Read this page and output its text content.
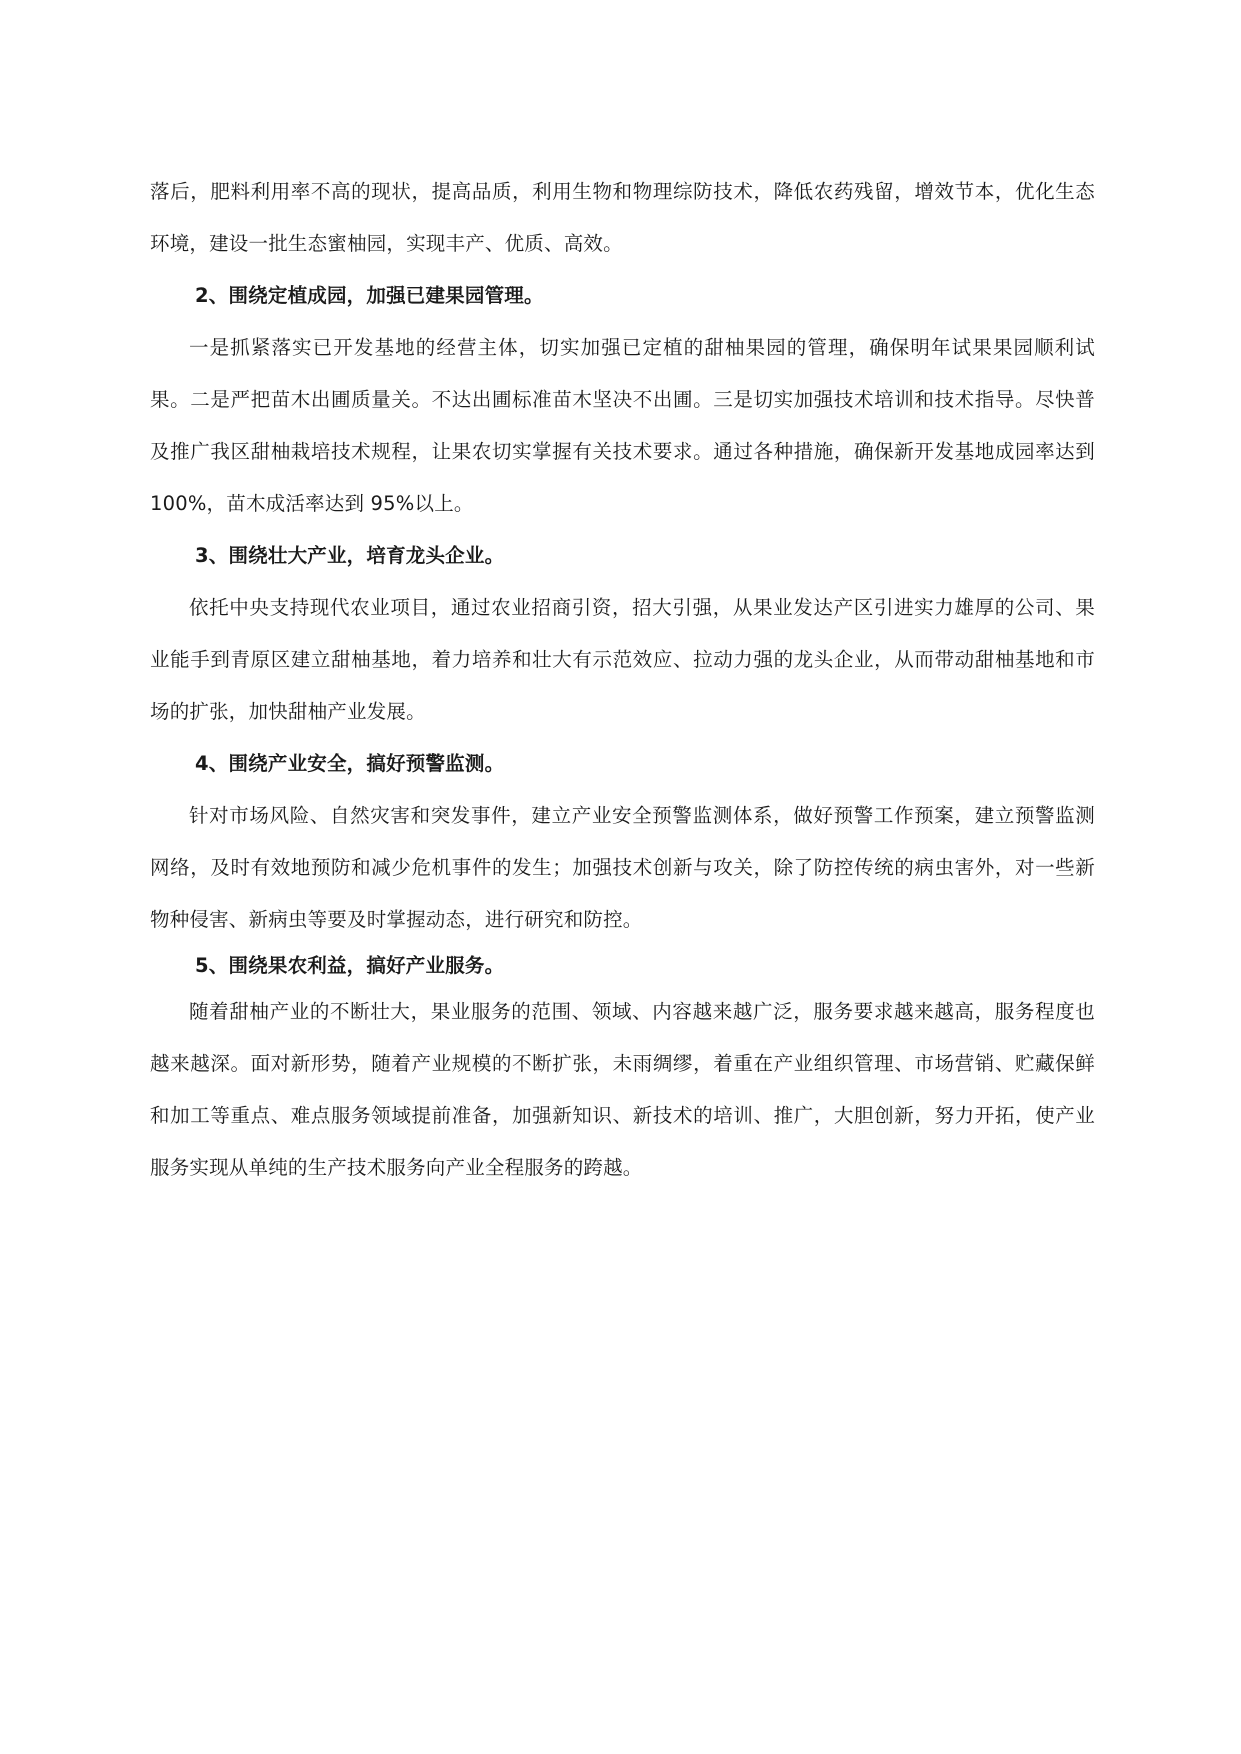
落后，肥料利用率不高的现状，提高品质，利用生物和物理综防技术，降低农药残留，增效节本，优化生态环境，建设一批生态蜜柚园，实现丰产、优质、高效。

2、围绕定植成园，加强已建果园管理。

一是抓紧落实已开发基地的经营主体，切实加强已定植的甜柚果园的管理，确保明年试果果园顺利试果。二是严把苗木出圃质量关。不达出圃标准苗木坚决不出圃。三是切实加强技术培训和技术指导。尽快普及推广我区甜柚栽培技术规程，让果农切实掌握有关技术要求。通过各种措施，确保新开发基地成园率达到 100%，苗木成活率达到 95%以上。

3、围绕壮大产业，培育龙头企业。

依托中央支持现代农业项目，通过农业招商引资，招大引强，从果业发达产区引进实力雄厚的公司、果业能手到青原区建立甜柚基地，着力培养和壮大有示范效应、拉动力强的龙头企业，从而带动甜柚基地和市场的扩张，加快甜柚产业发展。

4、围绕产业安全，搞好预警监测。

针对市场风险、自然灾害和突发事件，建立产业安全预警监测体系，做好预警工作预案，建立预警监测网络，及时有效地预防和减少危机事件的发生；加强技术创新与攻关，除了防控传统的病虫害外，对一些新物种侵害、新病虫等要及时掌握动态，进行研究和防控。

5、围绕果农利益，搞好产业服务。

随着甜柚产业的不断壮大，果业服务的范围、领域、内容越来越广泛，服务要求越来越高，服务程度也越来越深。面对新形势，随着产业规模的不断扩张，未雨绸缪，着重在产业组织管理、市场营销、贮藏保鲜和加工等重点、难点服务领域提前准备，加强新知识、新技术的培训、推广，大胆创新，努力开拓，使产业服务实现从单纯的生产技术服务向产业全程服务的跨越。
